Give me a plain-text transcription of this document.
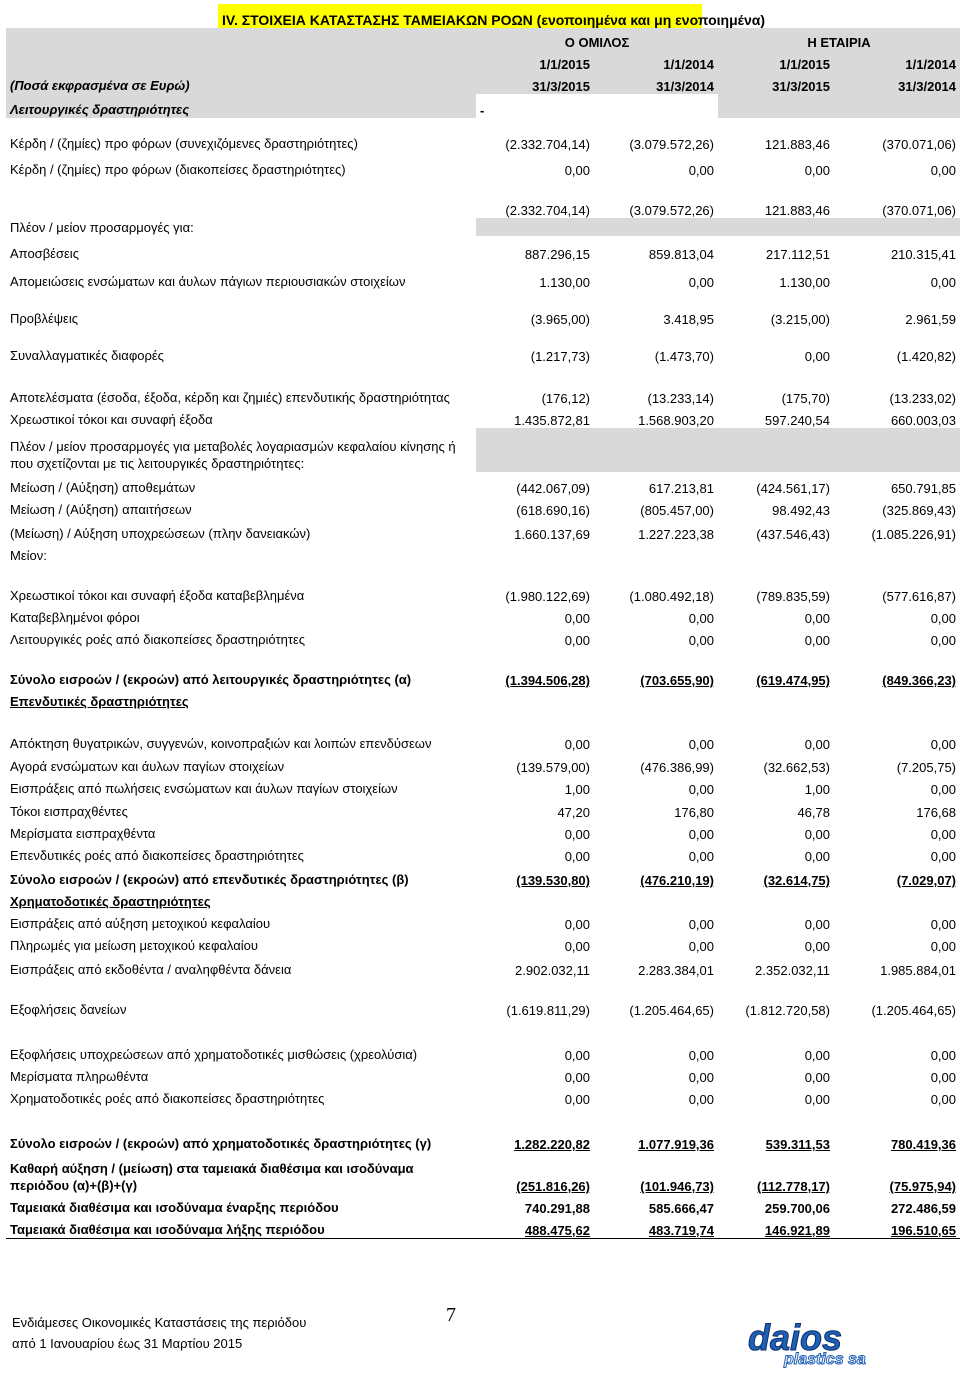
	IV. ΣΤΟΙΧΕΙΑ ΚΑΤΑΣΤΑΣΗΣ ΤΑΜΕΙΑΚΩΝ ΡΟΩΝ (ενοποιημένα και μη ενοποιημένα)
	Ο ΟΜΙΛΟΣ	Η ΕΤΑΙΡΙΑ
	1/1/2015	1/1/2014	1/1/2015	1/1/2014
(Ποσά εκφρασμένα σε Ευρώ)	31/3/2015	31/3/2014	31/3/2015	31/3/2014
Λειτουργικές δραστηριότητες	-		
Κέρδη / (ζημίες) προ φόρων (συνεχιζόμενες δραστηριότητες)	(2.332.704,14)	(3.079.572,26)	121.883,46	(370.071,06)
Κέρδη / (ζημίες) προ φόρων (διακοπείσες δραστηριότητες)	0,00	0,00	0,00	0,00
	(2.332.704,14)	(3.079.572,26)	121.883,46	(370.071,06)
Πλέον / μείον προσαρμογές για:				
Αποσβέσεις	887.296,15	859.813,04	217.112,51	210.315,41
Απομειώσεις ενσώματων και άυλων πάγιων περιουσιακών στοιχείων	1.130,00	0,00	1.130,00	0,00
Προβλέψεις	(3.965,00)	3.418,95	(3.215,00)	2.961,59
Συναλλαγματικές διαφορές	(1.217,73)	(1.473,70)	0,00	(1.420,82)
Αποτελέσματα (έσοδα, έξοδα, κέρδη και ζημιές) επενδυτικής δραστηριότητας	(176,12)	(13.233,14)	(175,70)	(13.233,02)
Χρεωστικοί τόκοι και συναφή έξοδα	1.435.872,81	1.568.903,20	597.240,54	660.003,03
Πλέον / μείον προσαρμογές για μεταβολές λογαριασμών κεφαλαίου κίνησης ή που σχετίζονται με τις λειτουργικές δραστηριότητες:				
Μείωση / (Αύξηση) αποθεμάτων	(442.067,09)	617.213,81	(424.561,17)	650.791,85
Μείωση / (Αύξηση) απαιτήσεων	(618.690,16)	(805.457,00)	98.492,43	(325.869,43)
(Μείωση) / Αύξηση υποχρεώσεων (πλην δανειακών)	1.660.137,69	1.227.223,38	(437.546,43)	(1.085.226,91)
Μείον:				
Χρεωστικοί τόκοι και συναφή έξοδα καταβεβλημένα	(1.980.122,69)	(1.080.492,18)	(789.835,59)	(577.616,87)
Καταβεβλημένοι φόροι	0,00	0,00	0,00	0,00
Λειτουργικές ροές από διακοπείσες δραστηριότητες	0,00	0,00	0,00	0,00
Σύνολο εισροών / (εκροών) από λειτουργικές δραστηριότητες (α)	(1.394.506,28)	(703.655,90)	(619.474,95)	(849.366,23)
Επενδυτικές δραστηριότητες				
Απόκτηση θυγατρικών, συγγενών, κοινοπραξιών και λοιπών επενδύσεων	0,00	0,00	0,00	0,00
Αγορά ενσώματων και άυλων παγίων στοιχείων	(139.579,00)	(476.386,99)	(32.662,53)	(7.205,75)
Εισπράξεις από πωλήσεις ενσώματων και άυλων παγίων στοιχείων	1,00	0,00	1,00	0,00
Τόκοι εισπραχθέντες	47,20	176,80	46,78	176,68
Μερίσματα εισπραχθέντα	0,00	0,00	0,00	0,00
Επενδυτικές ροές από διακοπείσες δραστηριότητες	0,00	0,00	0,00	0,00
Σύνολο εισροών / (εκροών) από επενδυτικές δραστηριότητες (β)	(139.530,80)	(476.210,19)	(32.614,75)	(7.029,07)
Χρηματοδοτικές δραστηριότητες				
Εισπράξεις από αύξηση μετοχικού κεφαλαίου	0,00	0,00	0,00	0,00
Πληρωμές για μείωση μετοχικού κεφαλαίου	0,00	0,00	0,00	0,00
Εισπράξεις από εκδοθέντα / αναληφθέντα δάνεια	2.902.032,11	2.283.384,01	2.352.032,11	1.985.884,01
Εξοφλήσεις δανείων	(1.619.811,29)	(1.205.464,65)	(1.812.720,58)	(1.205.464,65)
Εξοφλήσεις υποχρεώσεων από χρηματοδοτικές μισθώσεις (χρεολύσια)	0,00	0,00	0,00	0,00
Μερίσματα πληρωθέντα	0,00	0,00	0,00	0,00
Χρηματοδοτικές ροές από διακοπείσες δραστηριότητες	0,00	0,00	0,00	0,00
Σύνολο εισροών / (εκροών) από χρηματοδοτικές δραστηριότητες (γ)	1.282.220,82	1.077.919,36	539.311,53	780.419,36
Καθαρή αύξηση / (μείωση) στα ταμειακά διαθέσιμα και ισοδύναμα περιόδου (α)+(β)+(γ)	(251.816,26)	(101.946,73)	(112.778,17)	(75.975,94)
Ταμειακά διαθέσιμα και ισοδύναμα έναρξης περιόδου	740.291,88	585.666,47	259.700,06	272.486,59
Ταμειακά διαθέσιμα και ισοδύναμα λήξης περιόδου	488.475,62	483.719,74	146.921,89	196.510,65
Ενδιάμεσες Οικονομικές Καταστάσεις της περιόδου
από 1 Ιανουαρίου έως 31 Μαρτίου 2015
7
daios
plastics sa
